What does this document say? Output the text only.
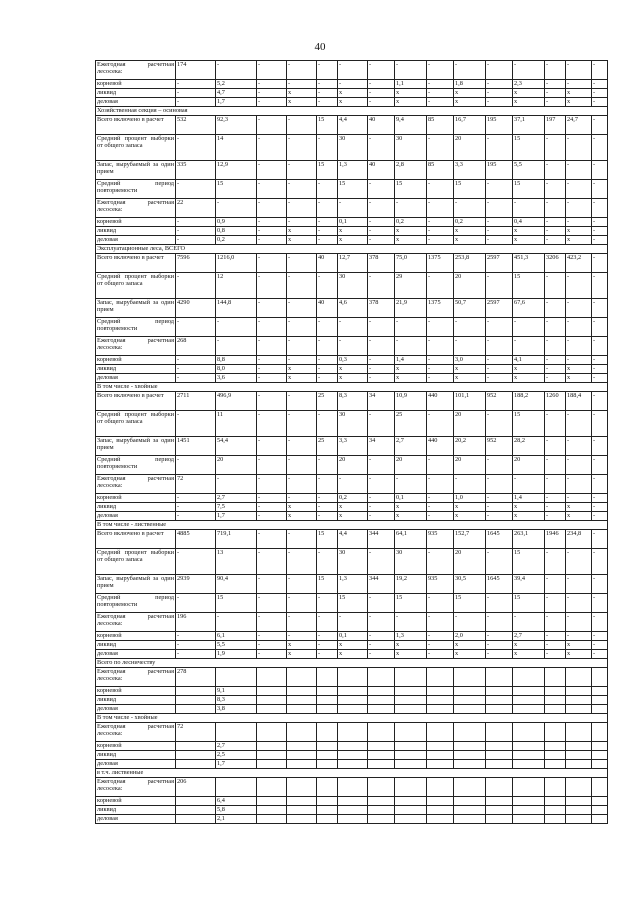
40
Ежегодная расчетная лесосека:	174	-	-	-	-	-	-	-	-	-	-	-	-	-	-
корневой	-	5,2	-	-	-	-	-	1,1	-	1,8	-	2,3	-	-	-
ликвид	-	4,7	-	х	-	х	-	х	-	х	-	х	-	х	-
деловая	-	1,7	-	х	-	х	-	х	-	х	-	х	-	х	-
Хозяйственная секция – осиновая															
Всего включено в расчет	532	92,3	-	-	15	4,4	40	9,4	85	16,7	195	37,1	197	24,7	-
Средний процент выборки от общего запаса	-	14	-	-	-	30	-	30	-	20	-	15	-	-	-
Запас, вырубаемый за один прием	335	12,9	-	-	15	1,3	40	2,8	85	3,3	195	5,5	-	-	-
Средний период повторяемости	-	15	-	-	-	15	-	15	-	15	-	15	-	-	-
Ежегодная расчетная лесосека:	22	-	-	-	-	-	-	-	-	-	-	-	-	-	-
корневой	-	0,9	-	-	-	0,1	-	0,2	-	0,2	-	0,4	-	-	-
ликвид	-	0,8	-	х	-	х	-	х	-	х	-	х	-	х	-
деловая	-	0,2	-	х	-	х	-	х	-	х	-	х	-	х	-
Эксплуатационные леса, ВСЕГО															
Всего включено в расчет	7596	1216,0	-	-	40	12,7	378	75,0	1375	253,8	2597	451,3	3206	423,2	-
Средний процент выборки от общего запаса	-	12	-	-	-	30	-	29	-	20	-	15	-	-	-
Запас, вырубаемый за один прием	4290	144,8	-	-	40	4,6	378	21,9	1375	50,7	2597	67,6	-	-	-
Средний период повторяемости	-	-	-	-	-	-	-	-	-	-	-	-	-	-	-
Ежегодная расчетная лесосека:	268	-	-	-	-	-	-	-	-	-	-	-	-	-	-
корневой	-	8,8	-	-	-	0,3	-	1,4	-	3,0	-	4,1	-	-	-
ликвид	-	8,0	-	х	-	х	-	х	-	х	-	х	-	х	-
деловая	-	3,6	-	х	-	х	-	х	-	х	-	х	-	х	-
В том числе - хвойные															
Всего включено в расчет	2711	496,9	-	-	25	8,3	34	10,9	440	101,1	952	188,2	1260	188,4	-
Средний процент выборки от общего запаса	-	11	-	-	-	30	-	25	-	20	-	15	-	-	-
Запас, вырубаемый за один прием	1451	54,4	-	-	25	3,3	34	2,7	440	20,2	952	28,2	-	-	-
Средний период повторяемости	-	20	-	-	-	20	-	20	-	20	-	20	-	-	-
Ежегодная расчетная лесосека:	72	-	-	-	-	-	-	-	-	-	-	-	-	-	-
корневой	-	2,7	-	-	-	0,2	-	0,1	-	1,0	-	1,4	-	-	-
ликвид	-	7,5	-	х	-	х	-	х	-	х	-	х	-	х	-
деловая	-	1,7	-	х	-	х	-	х	-	х	-	х	-	х	-
В том числе - лиственные															
Всего включено в расчет	4885	719,1	-	-	15	4,4	344	64,1	935	152,7	1645	263,1	1946	234,8	-
Средний процент выборки от общего запаса	-	13	-	-	-	30	-	30	-	20	-	15	-	-	-
Запас, вырубаемый за один прием	2939	90,4	-	-	15	1,3	344	19,2	935	30,5	1645	39,4	-	-	-
Средний период повторяемости	-	15	-	-	-	15	-	15	-	15	-	15	-	-	-
Ежегодная расчетная лесосека:	196	-	-	-	-	-	-	-	-	-	-	-	-	-	-
корневой	-	6,1	-	-	-	0,1	-	1,3	-	2,0	-	2,7	-	-	-
ликвид	-	5,5	-	х	-	х	-	х	-	х	-	х	-	х	-
деловая	-	1,9	-	х	-	х	-	х	-	х	-	х	-	х	-
Всего по лесничеству															
Ежегодная расчетная лесосека:	278														
корневой		9,1													
ликвид		8,3													
деловая		3,8													
В том числе - хвойные															
Ежегодная расчетная лесосека:	72														
корневой		2,7													
ликвид		2,5													
деловая		1,7													
в т.ч. лиственные															
Ежегодная расчетная лесосека:	206														
корневой		6,4													
ликвид		5,8													
деловая		2,1													
